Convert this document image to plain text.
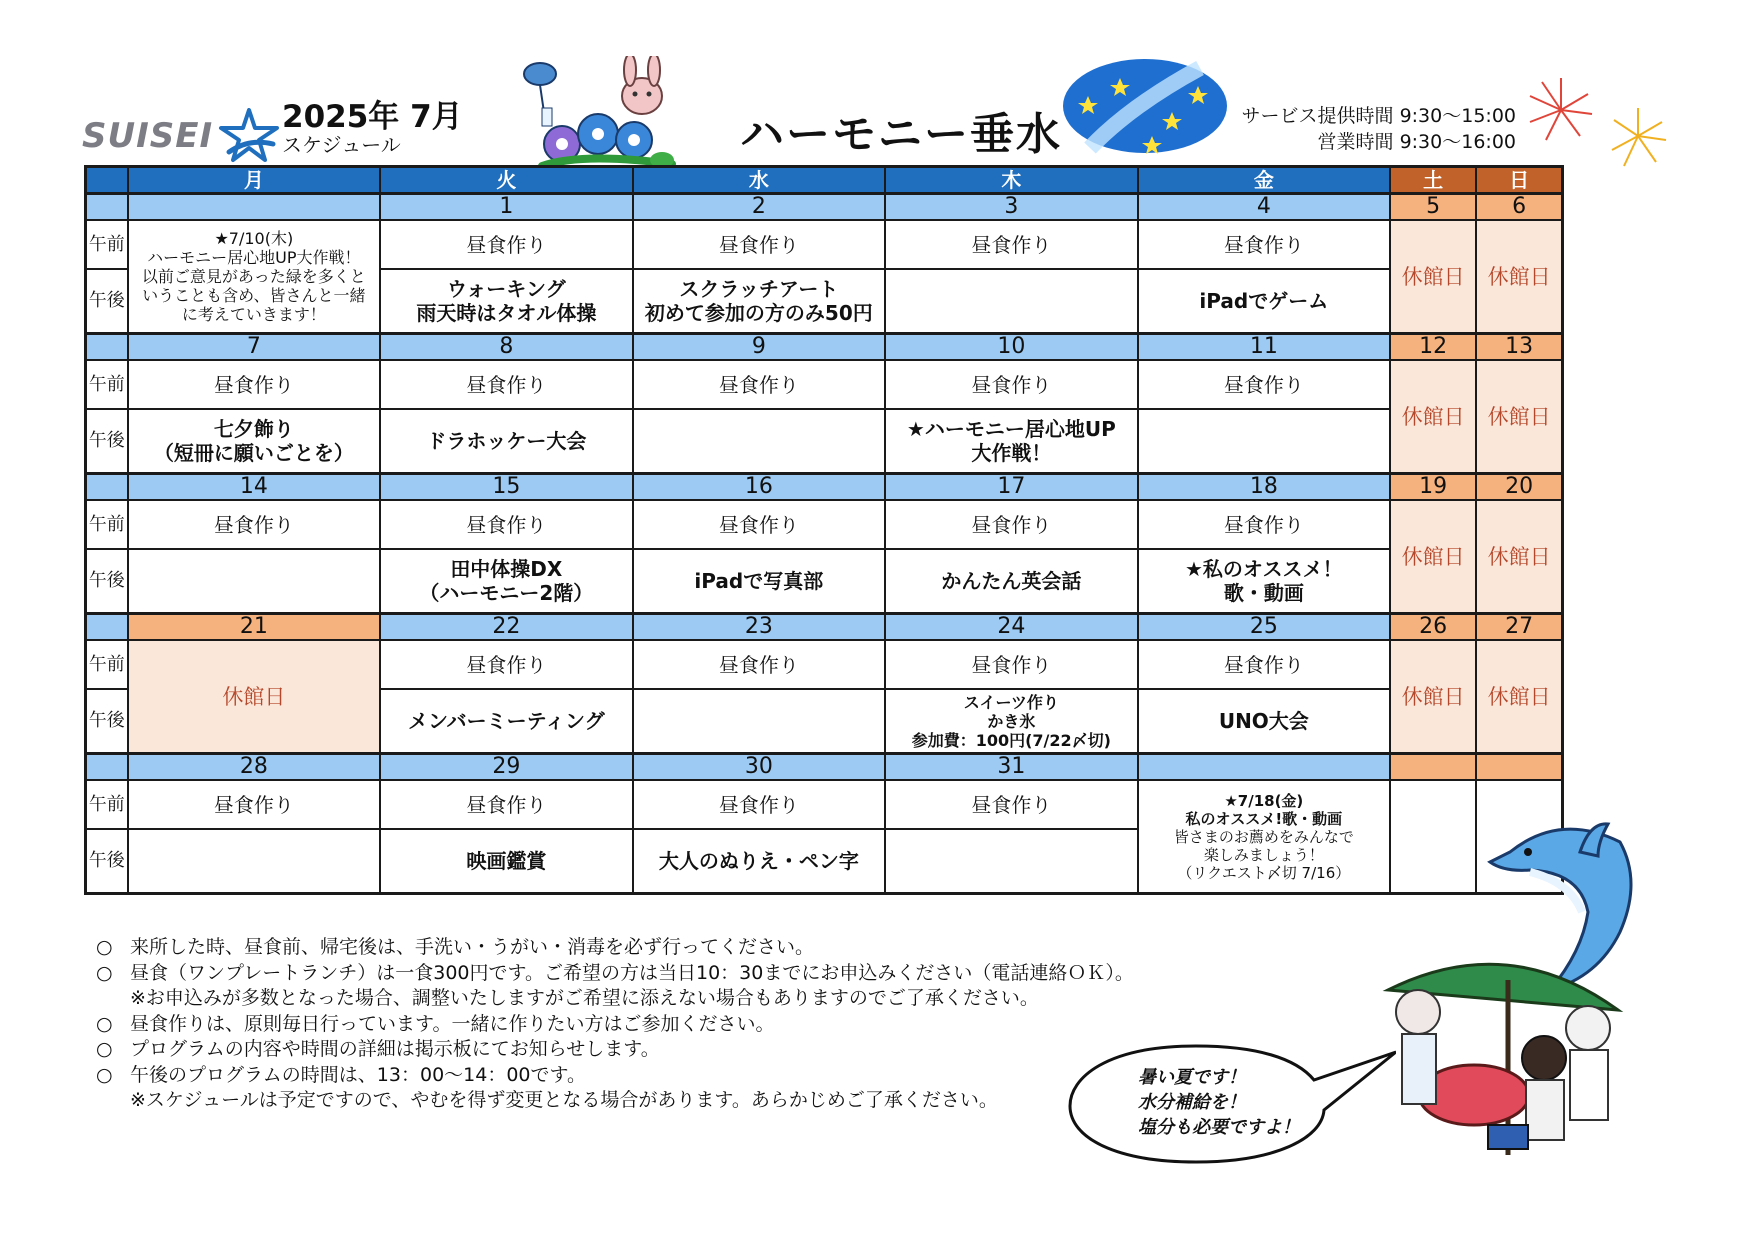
SUISEI 2025年 7月
スケジュール	ハーモニー垂水	サービス提供時間 9:30～15:00
営業時間 9:30～16:00
	月	火	水	木	金	土	日
		1	2	3	4	5	6
午前	★7/10(木)
ハーモニー居心地UP大作戦！
以前ご意見があった緑を多くと
いうことも含め、皆さんと一緒
に考えていきます！	昼食作り	昼食作り	昼食作り	昼食作り	休館日	休館日
午後		ウォーキング
雨天時はタオル体操	スクラッチアート
初めて参加の方のみ50円		iPadでゲーム		
	7	8	9	10	11	12	13
午前	昼食作り	昼食作り	昼食作り	昼食作り	昼食作り	休館日	休館日
午後	七夕飾り
（短冊に願いごとを）	ドラホッケー大会		★ハーモニー居心地UP
大作戦！			

	14	15	16	17	18	19	20
午前	昼食作り	昼食作り	昼食作り	昼食作り	昼食作り	休館日	休館日
午後		田中体操DX
（ハーモニー2階）	iPadで写真部	かんたん英会話	★私のオススメ！
歌・動画		

	21	22	23	24	25	26	27
午前	休館日	昼食作り	昼食作り	昼食作り	昼食作り	休館日	休館日
午後		メンバーミーティング		スイーツ作り
かき氷
参加費：100円(7/22〆切)	UNO大会		
	28	29	30	31			
午前	昼食作り	昼食作り	昼食作り	昼食作り	★7/18(金)
私のオススメ!歌・動画
皆さまのお薦めをみんなで
楽しみましょう！
（リクエスト〆切 7/16）		

午後		映画鑑賞	大人のぬりえ・ペン字				
○ 来所した時、昼食前、帰宅後は、手洗い・うがい・消毒を必ず行ってください。
○ 昼食（ワンプレートランチ）は一食300円です。ご希望の方は当日10：30までにお申込みください（電話連絡ＯＫ）。
※お申込みが多数となった場合、調整いたしますがご希望に添えない場合もありますのでご了承ください。
○ 昼食作りは、原則毎日行っています。一緒に作りたい方はご参加ください。
○ プログラムの内容や時間の詳細は掲示板にてお知らせします。
○ 午後のプログラムの時間は、13：00～14：00です。
※スケジュールは予定ですので、やむを得ず変更となる場合があります。あらかじめご了承ください。
暑い夏です！
水分補給を！
塩分も必要ですよ！
